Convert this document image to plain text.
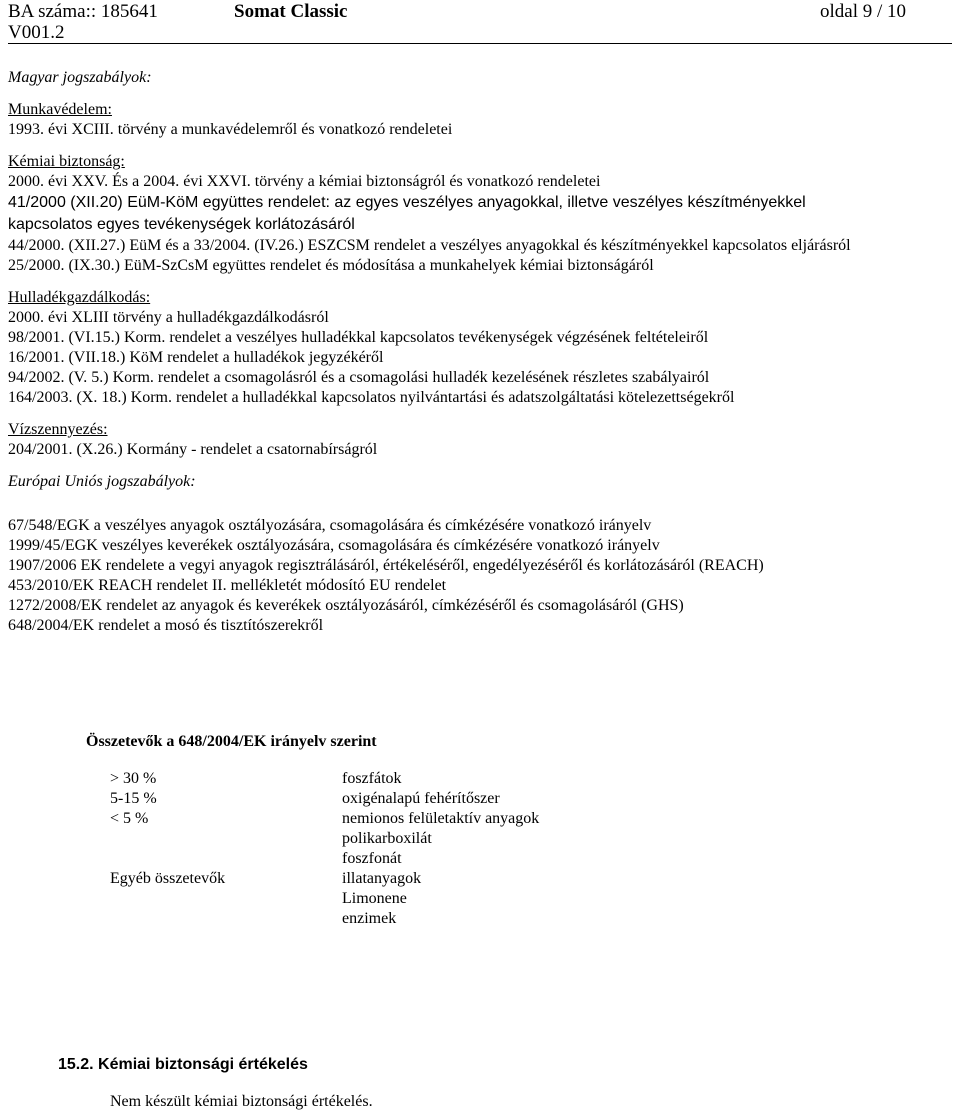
BA száma:: 185641
V001.2
Somat Classic	oldal 9 / 10
Magyar jogszabályok:
Munkavédelem:
1993. évi XCIII. törvény a munkavédelemről és vonatkozó rendeletei
Kémiai biztonság:
2000. évi XXV. És a 2004. évi XXVI. törvény a kémiai biztonságról és vonatkozó rendeletei
41/2000 (XII.20) EüM-KöM együttes rendelet: az egyes veszélyes anyagokkal, illetve veszélyes készítményekkel
kapcsolatos egyes tevékenységek korlátozásáról
44/2000. (XII.27.) EüM és a 33/2004. (IV.26.) ESZCSM rendelet a veszélyes anyagokkal és készítményekkel kapcsolatos eljárásról
25/2000. (IX.30.) EüM-SzCsM együttes rendelet és módosítása a munkahelyek kémiai biztonságáról
Hulladékgazdálkodás:
2000. évi XLIII törvény a hulladékgazdálkodásról
98/2001. (VI.15.) Korm. rendelet a veszélyes hulladékkal kapcsolatos tevékenységek végzésének feltételeiről
16/2001. (VII.18.) KöM rendelet a hulladékok jegyzékéről
94/2002. (V. 5.) Korm. rendelet a csomagolásról és a csomagolási hulladék kezelésének részletes szabályairól
164/2003. (X. 18.) Korm. rendelet a hulladékkal kapcsolatos nyilvántartási és adatszolgáltatási kötelezettségekről
Vízszennyezés:
204/2001. (X.26.) Kormány - rendelet a csatornabírságról
Európai Uniós jogszabályok:
67/548/EGK a veszélyes anyagok osztályozására, csomagolására és címkézésére vonatkozó irányelv
1999/45/EGK veszélyes keverékek osztályozására, csomagolására és címkézésére vonatkozó irányelv
1907/2006 EK rendelete a vegyi anyagok regisztrálásáról, értékeléséről, engedélyezéséről és korlátozásáról (REACH)
453/2010/EK REACH rendelet II. mellékletét módosító EU rendelet
1272/2008/EK rendelet az anyagok és keverékek osztályozásáról, címkézéséről és csomagolásáról (GHS)
648/2004/EK rendelet a mosó és tisztítószerekről
Összetevők a 648/2004/EK irányelv szerint
> 30 %	foszfátok
5-15 %	oxigénalapú fehérítőszer
< 5 %	nemionos felületaktív anyagok
polikarboxilát
foszfonát
Egyéb összetevők	illatanyagok
Limonene
enzimek
15.2. Kémiai biztonsági értékelés
Nem készült kémiai biztonsági értékelés.
